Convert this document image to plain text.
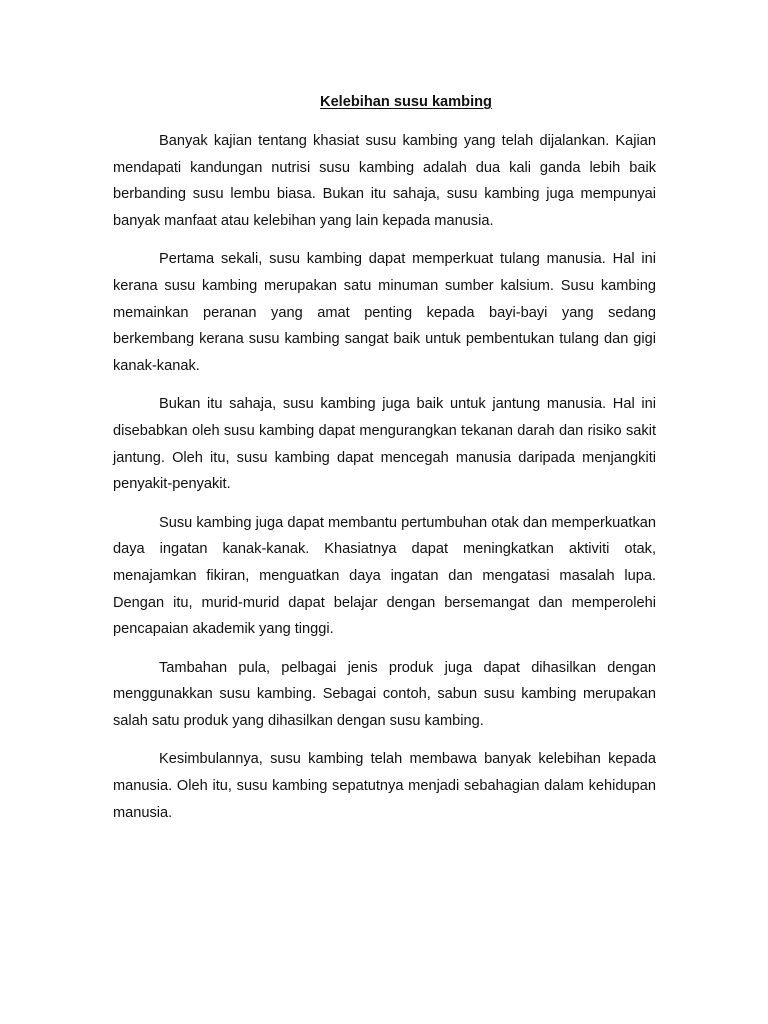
Kelebihan susu kambing

Banyak kajian tentang khasiat susu kambing yang telah dijalankan. Kajian mendapati kandungan nutrisi susu kambing adalah dua kali ganda lebih baik berbanding susu lembu biasa. Bukan itu sahaja, susu kambing juga mempunyai banyak manfaat atau kelebihan yang lain kepada manusia.

Pertama sekali, susu kambing dapat memperkuat tulang manusia. Hal ini kerana susu kambing merupakan satu minuman sumber kalsium. Susu kambing memainkan peranan yang amat penting kepada bayi-bayi yang sedang berkembang kerana susu kambing sangat baik untuk pembentukan tulang dan gigi kanak-kanak.

Bukan itu sahaja, susu kambing juga baik untuk jantung manusia. Hal ini disebabkan oleh susu kambing dapat mengurangkan tekanan darah dan risiko sakit jantung. Oleh itu, susu kambing dapat mencegah manusia daripada menjangkiti penyakit-penyakit.

Susu kambing juga dapat membantu pertumbuhan otak dan memperkuatkan daya ingatan kanak-kanak. Khasiatnya dapat meningkatkan aktiviti otak, menajamkan fikiran, menguatkan daya ingatan dan mengatasi masalah lupa. Dengan itu, murid-murid dapat belajar dengan bersemangat dan memperolehi pencapaian akademik yang tinggi.

Tambahan pula, pelbagai jenis produk juga dapat dihasilkan dengan menggunakkan susu kambing. Sebagai contoh, sabun susu kambing merupakan salah satu produk yang dihasilkan dengan susu kambing.

Kesimbulannya, susu kambing telah membawa banyak kelebihan kepada manusia. Oleh itu, susu kambing sepatutnya menjadi sebahagian dalam kehidupan manusia.
